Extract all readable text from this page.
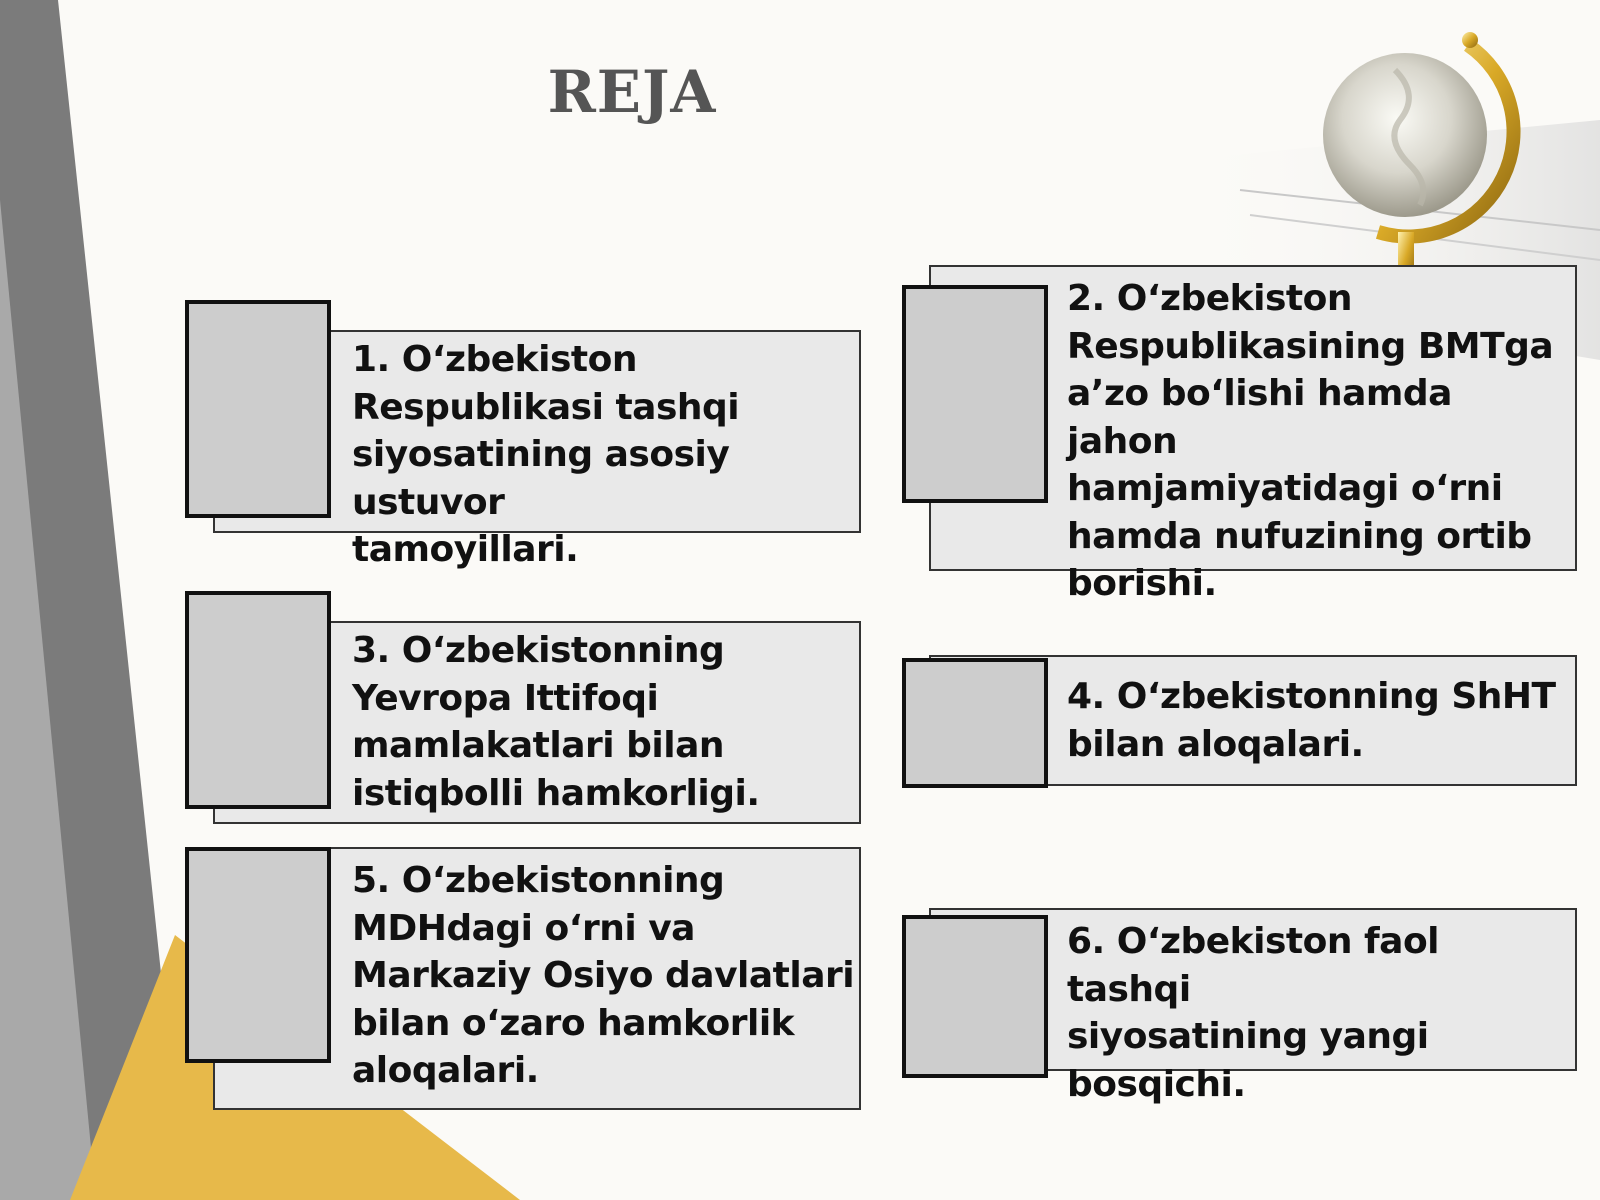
REJA
1. O‘zbekiston
Respublikasi tashqi
siyosatining asosiy ustuvor
tamoyillari.
2. O‘zbekiston
Respublikasining BMTga
a’zo bo‘lishi hamda jahon
hamjamiyatidagi o‘rni
hamda nufuzining ortib
borishi.
3. O‘zbekistonning
Yevropa Ittifoqi
mamlakatlari bilan
istiqbolli hamkorligi.
4. O‘zbekistonning ShHT
bilan aloqalari.
5. O‘zbekistonning
MDHdagi o‘rni va
Markaziy Osiyo davlatlari
bilan o‘zaro hamkorlik
aloqalari.
6. O‘zbekiston faol tashqi
siyosatining yangi
bosqichi.
